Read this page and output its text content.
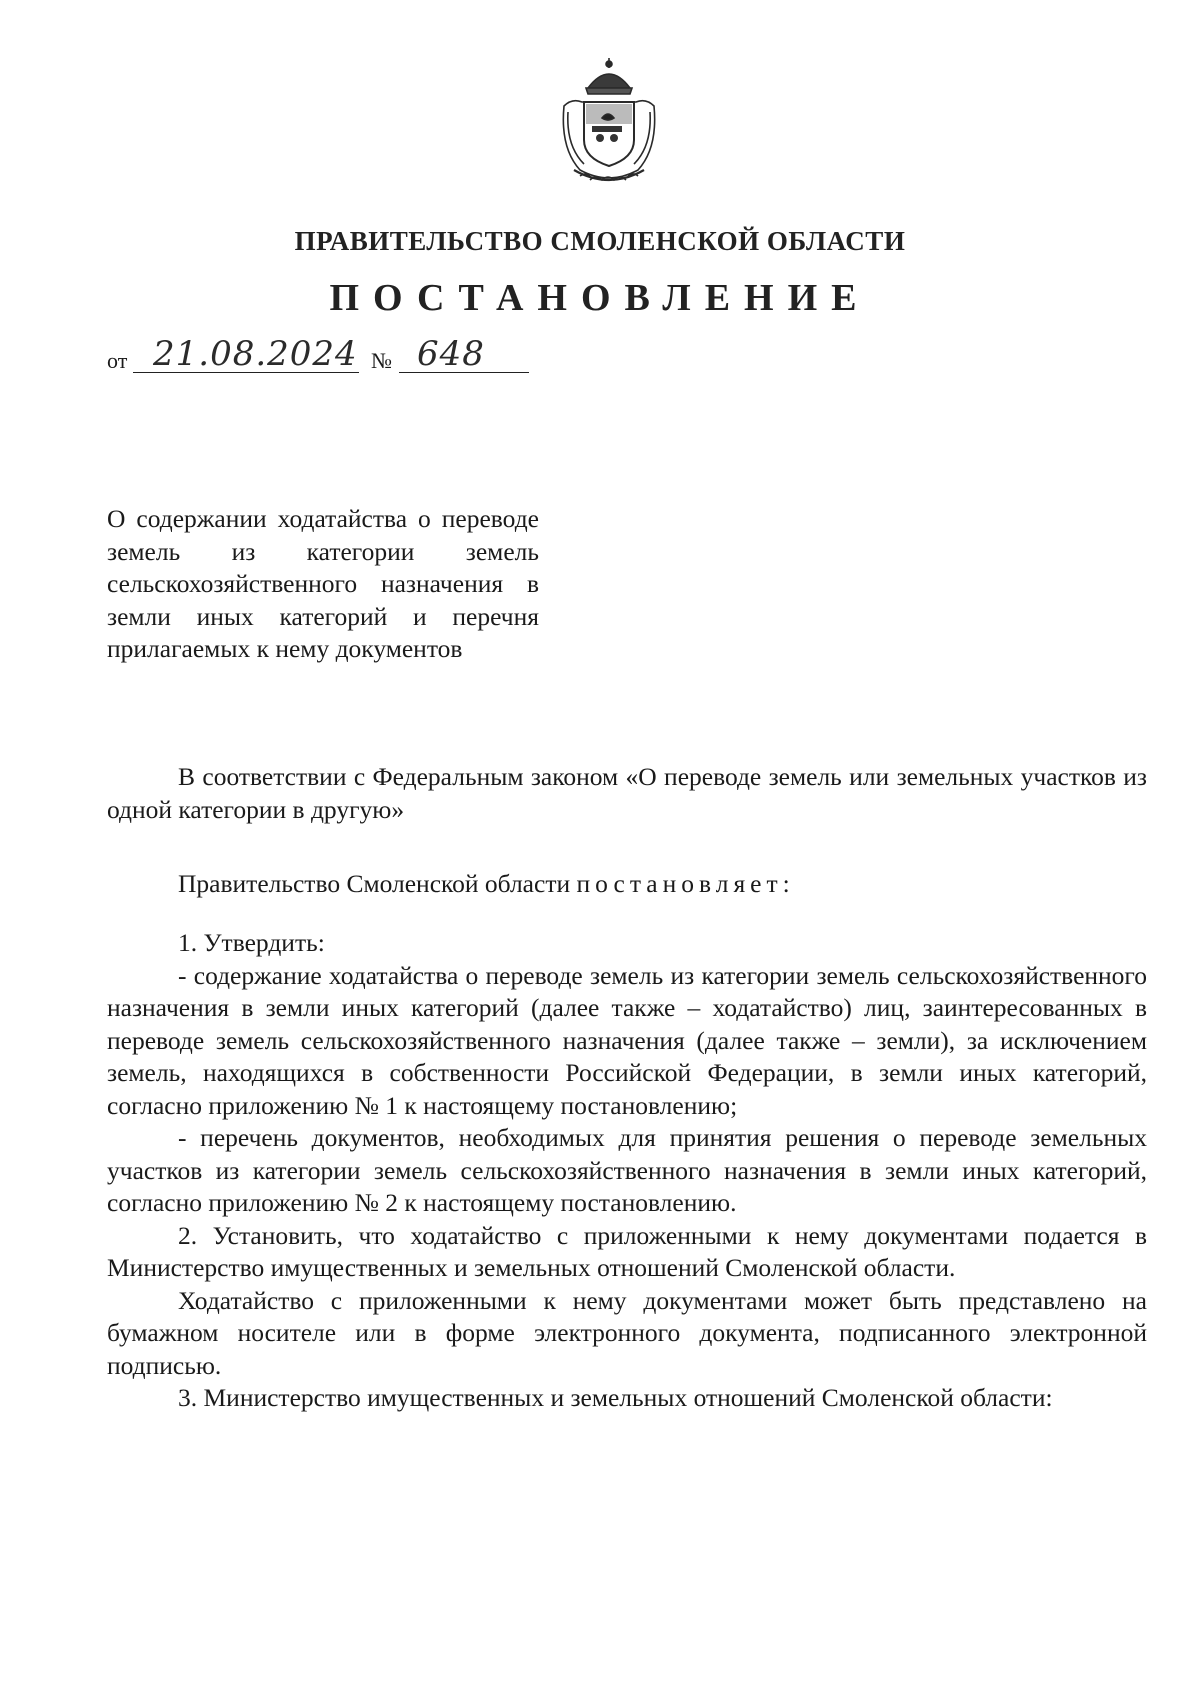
ПРАВИТЕЛЬСТВО СМОЛЕНСКОЙ ОБЛАСТИ
ПОСТАНОВЛЕНИЕ
от 21.08.2024 № 648
О содержании ходатайства о переводе земель из категории земель сельскохозяйственного назначения в земли иных категорий и перечня прилагаемых к нему документов

В соответствии с Федеральным законом «О переводе земель или земельных участков из одной категории в другую»

Правительство Смоленской области постановляет:

1. Утвердить:

- содержание ходатайства о переводе земель из категории земель сельскохозяйственного назначения в земли иных категорий (далее также – ходатайство) лиц, заинтересованных в переводе земель сельскохозяйственного назначения (далее также – земли), за исключением земель, находящихся в собственности Российской Федерации, в земли иных категорий, согласно приложению № 1 к настоящему постановлению;

- перечень документов, необходимых для принятия решения о переводе земельных участков из категории земель сельскохозяйственного назначения в земли иных категорий, согласно приложению № 2 к настоящему постановлению.

2. Установить, что ходатайство с приложенными к нему документами подается в Министерство имущественных и земельных отношений Смоленской области.

Ходатайство с приложенными к нему документами может быть представлено на бумажном носителе или в форме электронного документа, подписанного электронной подписью.

3. Министерство имущественных и земельных отношений Смоленской области:
